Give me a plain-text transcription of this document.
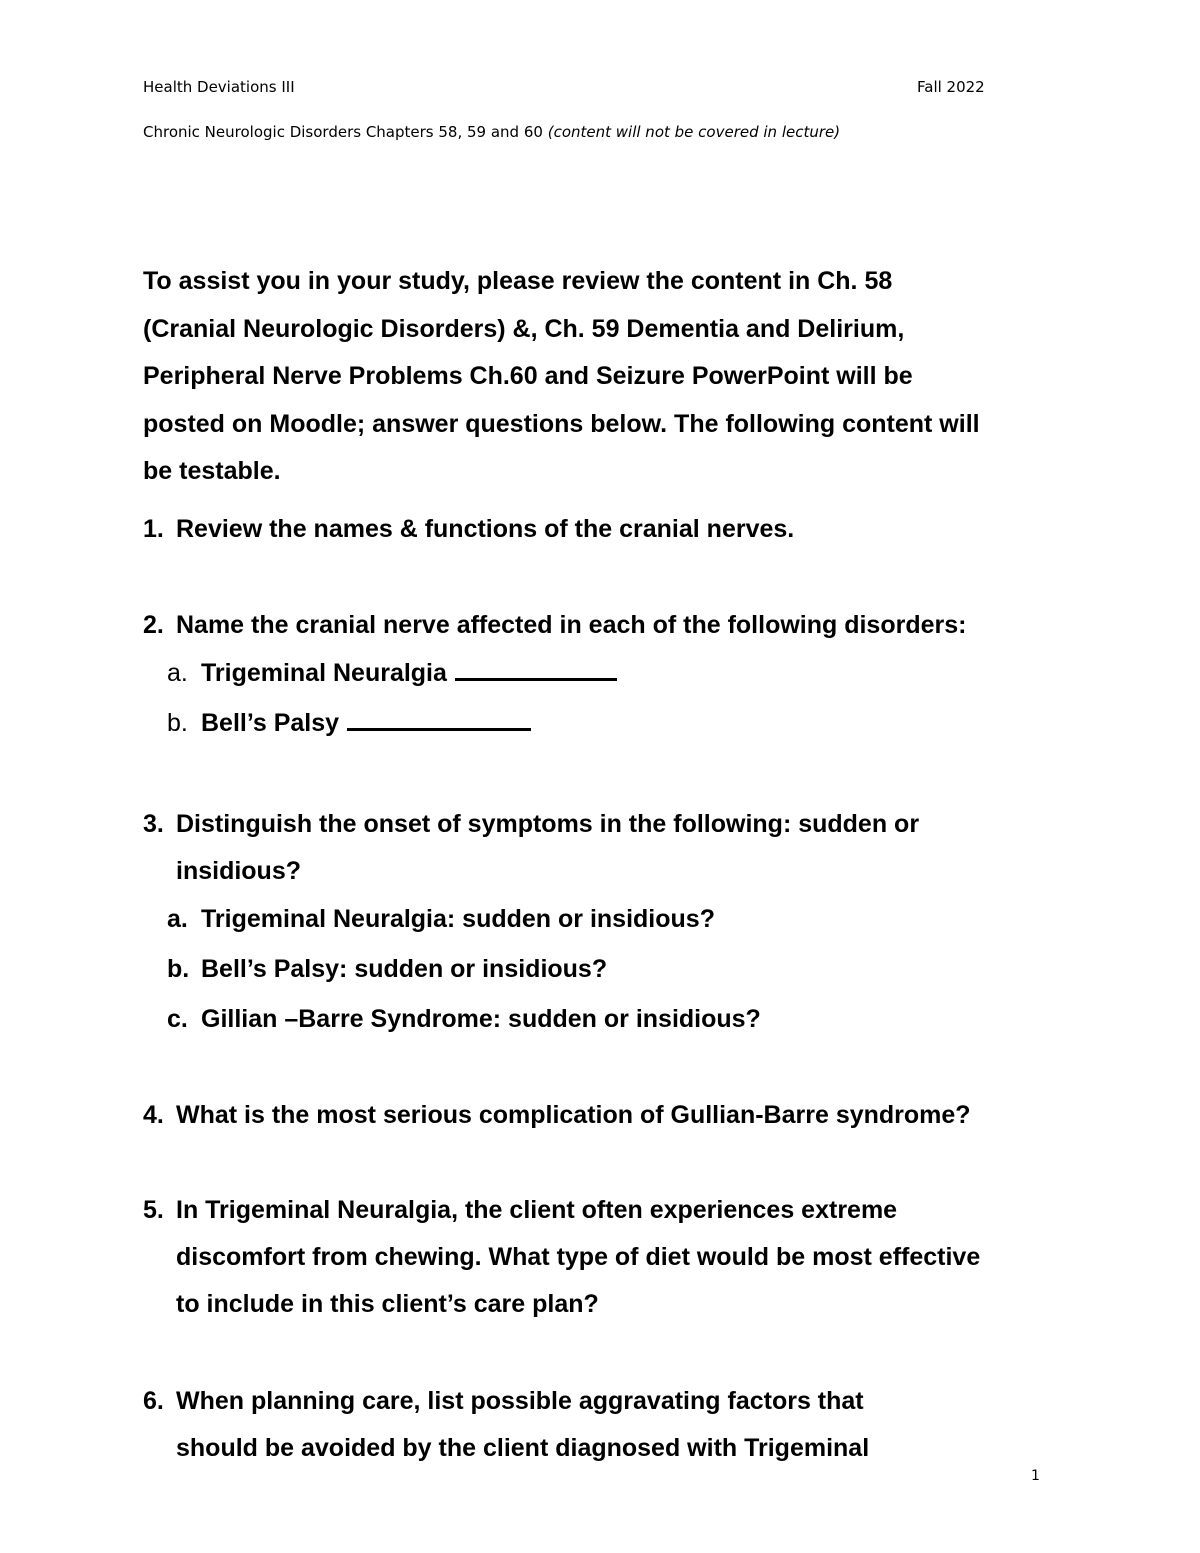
Health Deviations III	Fall 2022
Chronic Neurologic Disorders Chapters 58, 59 and 60 (content will not be covered in lecture)

To assist you in your study, please review the content in Ch. 58

(Cranial Neurologic Disorders) &, Ch. 59 Dementia and Delirium,

Peripheral Nerve Problems Ch.60 and Seizure PowerPoint will be

posted on Moodle; answer questions below. The following content will

be testable.

1. Review the names & functions of the cranial nerves.
2. Name the cranial nerve affected in each of the following disorders:
a. Trigeminal Neuralgia
b. Bell’s Palsy
3. Distinguish the onset of symptoms in the following: sudden or
insidious?
a. Trigeminal Neuralgia: sudden or insidious?
b. Bell’s Palsy: sudden or insidious?
c. Gillian –Barre Syndrome: sudden or insidious?
4. What is the most serious complication of Gullian-Barre syndrome?
5. In Trigeminal Neuralgia, the client often experiences extreme
discomfort from chewing. What type of diet would be most effective
to include in this client’s care plan?
6. When planning care, list possible aggravating factors that
should be avoided by the client diagnosed with Trigeminal
1
